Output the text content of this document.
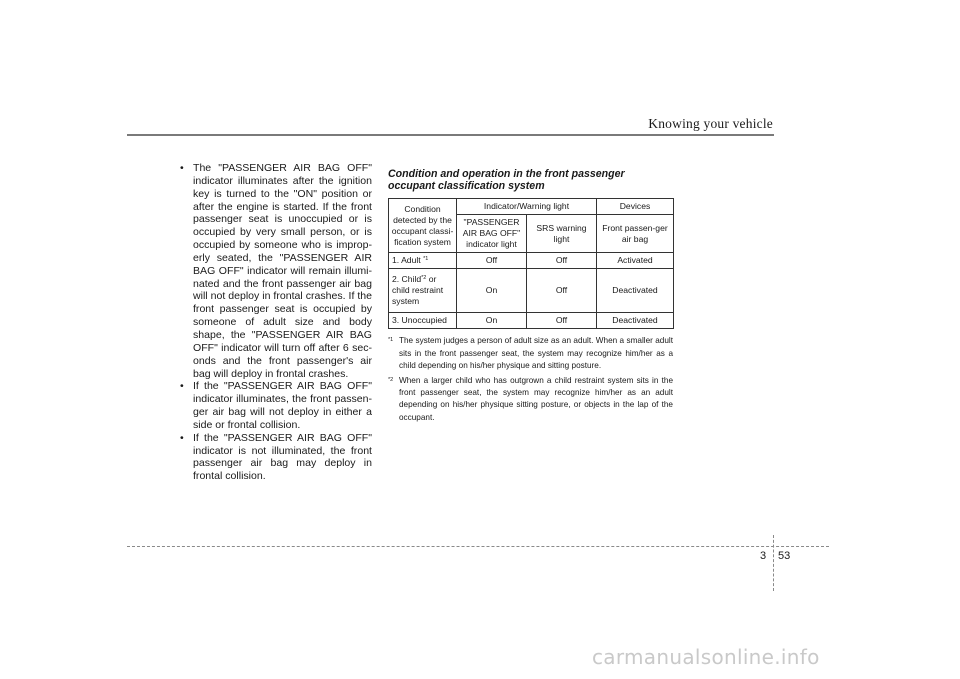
Knowing your vehicle
• The "PASSENGER AIR BAG OFF" indicator illuminates after the ignition key is turned to the "ON" position or after the engine is started. If the front passenger seat is unoccupied or is occupied by very small person, or is occupied by someone who is improperly seated, the "PASSENGER AIR BAG OFF" indicator will remain illuminated and the front passenger air bag will not deploy in frontal crashes. If the front passenger seat is occupied by someone of adult size and body shape, the "PASSENGER AIR BAG OFF" indicator will turn off after 6 seconds and the front passenger's air bag will deploy in frontal crashes.
• If the "PASSENGER AIR BAG OFF" indicator illuminates, the front passenger air bag will not deploy in either a side or frontal collision.
• If the "PASSENGER AIR BAG OFF" indicator is not illuminated, the front passenger air bag may deploy in frontal collision.
Condition and operation in the front passenger occupant classification system
Condition detected by the occupant classi-fication system	Indicator/Warning light		Devices
	"PASSENGER AIR BAG OFF" indicator light	SRS warning light	Front passen-ger air bag
1. Adult $^{*1}$	Off	Off	Activated
2. Child$^{*2}$ or child restraint system	On	Off	Deactivated
3. Unoccupied	On	Off	Deactivated
$^{*1}$ The system judges a person of adult size as an adult. When a smaller adult sits in the front passenger seat, the system may recognize him/her as a child depending on his/her physique and sitting posture.
$^{*2}$ When a larger child who has outgrown a child restraint system sits in the front passenger seat, the system may recognize him/her as an adult depending on his/her physique sitting posture, or objects in the lap of the occupant.
3 53
carmanualsonline.info
